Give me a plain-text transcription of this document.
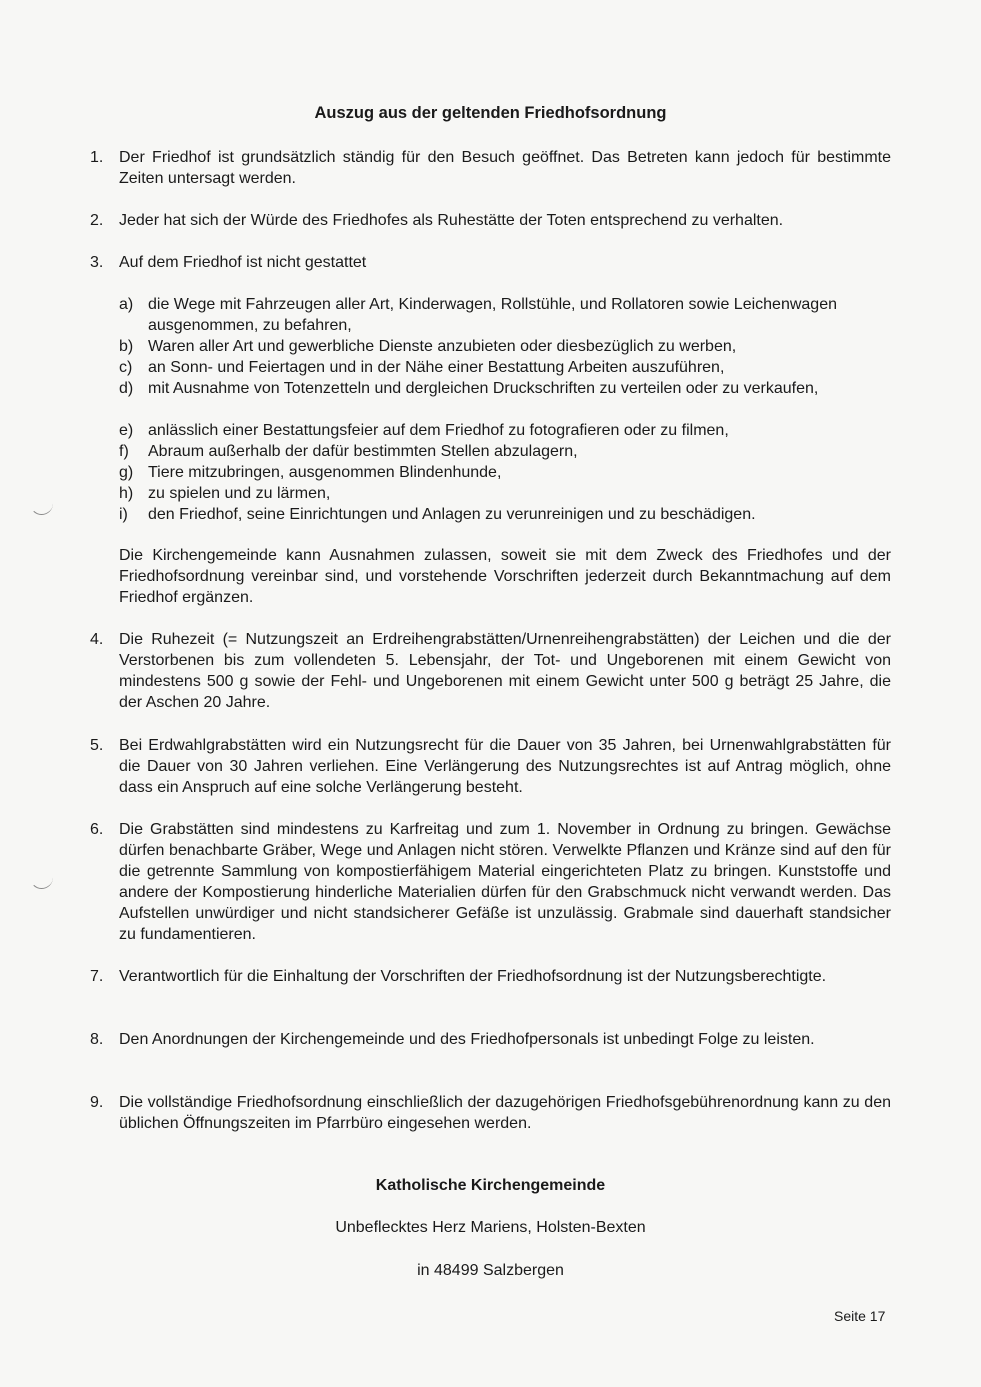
Auszug aus der geltenden Friedhofsordnung
1. Der Friedhof ist grundsätzlich ständig für den Besuch geöffnet. Das Betreten kann jedoch für bestimmte Zeiten untersagt werden.
2. Jeder hat sich der Würde des Friedhofes als Ruhestätte der Toten entsprechend zu verhalten.
3. Auf dem Friedhof ist nicht gestattet
a) die Wege mit Fahrzeugen aller Art, Kinderwagen, Rollstühle, und Rollatoren sowie Leichenwagen ausgenommen, zu befahren,
b) Waren aller Art und gewerbliche Dienste anzubieten oder diesbezüglich zu werben,
c) an Sonn- und Feiertagen und in der Nähe einer Bestattung Arbeiten auszuführen,
d) mit Ausnahme von Totenzetteln und dergleichen Druckschriften zu verteilen oder zu verkaufen,
e) anlässlich einer Bestattungsfeier auf dem Friedhof zu fotografieren oder zu filmen,
f)	Abraum außerhalb der dafür bestimmten Stellen abzulagern,
g) Tiere mitzubringen, ausgenommen Blindenhunde,
h) zu spielen und zu lärmen,
i)	den Friedhof, seine Einrichtungen und Anlagen zu verunreinigen und zu beschädigen.
Die Kirchengemeinde kann Ausnahmen zulassen, soweit sie mit dem Zweck des Friedhofes und der Friedhofsordnung vereinbar sind, und vorstehende Vorschriften jederzeit durch Bekanntmachung auf dem Friedhof ergänzen.
4. Die Ruhezeit (= Nutzungszeit an Erdreihengrabstätten/Urnenreihengrabstätten) der Leichen und die der Verstorbenen bis zum vollendeten 5. Lebensjahr, der Tot- und Ungeborenen mit einem Gewicht von mindestens 500 g sowie der Fehl- und Ungeborenen mit einem Gewicht unter 500 g beträgt 25 Jahre, die der Aschen 20 Jahre.
5. Bei Erdwahlgrabstätten wird ein Nutzungsrecht für die Dauer von 35 Jahren, bei Urnenwahlgrabstätten für die Dauer von 30 Jahren verliehen. Eine Verlängerung des Nutzungsrechtes ist auf Antrag möglich, ohne dass ein Anspruch auf eine solche Verlängerung besteht.
6. Die Grabstätten sind mindestens zu Karfreitag und zum 1. November in Ordnung zu bringen. Gewächse dürfen benachbarte Gräber, Wege und Anlagen nicht stören. Verwelkte Pflanzen und Kränze sind auf den für die getrennte Sammlung von kompostierfähigem Material eingerichteten Platz zu bringen. Kunststoffe und andere der Kompostierung hinderliche Materialien dürfen für den Grabschmuck nicht verwandt werden. Das Aufstellen unwürdiger und nicht standsicherer Gefäße ist unzulässig. Grabmale sind dauerhaft standsicher zu fundamentieren.
7. Verantwortlich für die Einhaltung der Vorschriften der Friedhofsordnung ist der Nutzungsberechtigte.
8. Den Anordnungen der Kirchengemeinde und des Friedhofpersonals ist unbedingt Folge zu leisten.
9. Die vollständige Friedhofsordnung einschließlich der dazugehörigen Friedhofsgebührenordnung kann zu den üblichen Öffnungszeiten im Pfarrbüro eingesehen werden.
Katholische Kirchengemeinde
Unbeflecktes Herz Mariens, Holsten-Bexten
in 48499 Salzbergen
Seite 17
